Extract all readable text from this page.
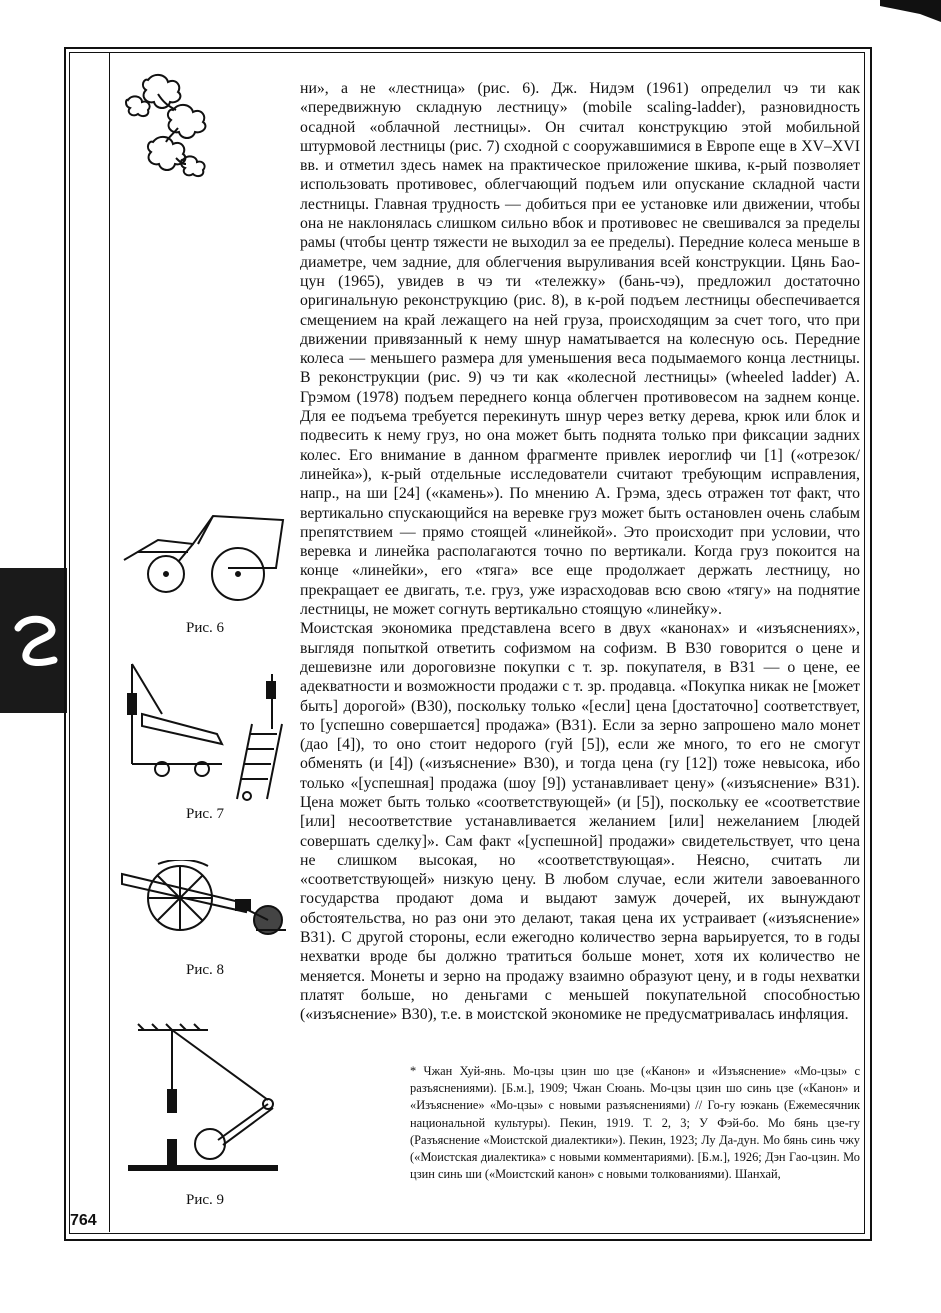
764
Рис. 6
Рис. 7
Рис. 8
Рис. 9

ни», а не «лестница» (рис. 6). Дж. Нидэм (1961) определил чэ ти как «передвижную складную лестницу» (mobile scaling-ladder), разновидность осадной «облачной лестницы». Он считал конструкцию этой мобильной штурмовой лестницы (рис. 7) сходной с сооружавшимися в Европе еще в XV–XVI вв. и отметил здесь намек на практическое приложение шкива, к-рый позволяет использовать противовес, облегчающий подъем или опускание складной части лестницы. Главная трудность — добиться при ее установке или движении, чтобы она не наклонялась слишком сильно вбок и противовес не свешивался за пределы рамы (чтобы центр тяжести не выходил за ее пределы). Передние колеса меньше в диаметре, чем задние, для облегчения выруливания всей конструкции. Цянь Бао-цун (1965), увидев в чэ ти «тележку» (бань-чэ), предложил достаточно оригинальную реконструкцию (рис. 8), в к-рой подъем лестницы обеспечивается смещением на край лежащего на ней груза, происходящим за счет того, что при движении привязанный к нему шнур наматывается на колесную ось. Передние колеса — меньшего размера для уменьшения веса подымаемого конца лестницы. В реконструкции (рис. 9) чэ ти как «колесной лестницы» (wheeled ladder) А. Грэмом (1978) подъем переднего конца облегчен противовесом на заднем конце. Для ее подъема требуется перекинуть шнур через ветку дерева, крюк или блок и подвесить к нему груз, но она может быть поднята только при фиксации задних колес. Его внимание в данном фрагменте привлек иероглиф чи [1] («отрезок/линейка»), к-рый отдельные исследователи считают требующим исправления, напр., на ши [24] («камень»). По мнению А. Грэма, здесь отражен тот факт, что вертикально спускающийся на веревке груз может быть остановлен очень слабым препятствием — прямо стоящей «линейкой». Это происходит при условии, что веревка и линейка располагаются точно по вертикали. Когда груз покоится на конце «линейки», его «тяга» все еще продолжает держать лестницу, но прекращает ее двигать, т.е. груз, уже израсходовав всю свою «тягу» на поднятие лестницы, не может согнуть вертикально стоящую «линейку».

Моистская экономика представлена всего в двух «канонах» и «изъяснениях», выглядя попыткой ответить софизмом на софизм. В В30 говорится о цене и дешевизне или дороговизне покупки с т. зр. покупателя, в В31 — о цене, ее адекватности и возможности продажи с т. зр. продавца. «Покупка никак не [может быть] дорогой» (В30), поскольку только «[если] цена [достаточно] соответствует, то [успешно совершается] продажа» (В31). Если за зерно запрошено мало монет (дао [4]), то оно стоит недорого (гуй [5]), если же много, то его не смогут обменять (и [4]) («изъяснение» В30), и тогда цена (гу [12]) тоже невысока, ибо только «[успешная] продажа (шоу [9]) устанавливает цену» («изъяснение» В31). Цена может быть только «соответствующей» (и [5]), поскольку ее «соответствие [или] несоответствие устанавливается желанием [или] нежеланием [людей совершать сделку]». Сам факт «[успешной] продажи» свидетельствует, что цена не слишком высокая, но «соответствующая». Неясно, считать ли «соответствующей» низкую цену. В любом случае, если жители завоеванного государства продают дома и выдают замуж дочерей, их вынуждают обстоятельства, но раз они это делают, такая цена их устраивает («изъяснение» В31). С другой стороны, если ежегодно количество зерна варьируется, то в годы нехватки вроде бы должно тратиться больше монет, хотя их количество не меняется. Монеты и зерно на продажу взаимно образуют цену, и в годы нехватки платят больше, но деньгами с меньшей покупательной способностью («изъяснение» В30), т.е. в моистской экономике не предусматривалась инфляция.

* Чжан Хуй-янь. Мо-цзы цзин шо цзе («Канон» и «Изъяснение» «Мо-цзы» с разъяснениями). [Б.м.], 1909; Чжан Сюань. Мо-цзы цзин шо синь цзе («Канон» и «Изъяснение» «Мо-цзы» с новыми разъяснениями) // Го-гу юэкань (Ежемесячник национальной культуры). Пекин, 1919. Т. 2, 3; У Фэй-бо. Мо бянь цзе-гу (Разъяснение «Моистской диалектики»). Пекин, 1923; Лу Да-дун. Мо бянь синь чжу («Моистская диалектика» с новыми комментариями). [Б.м.], 1926; Дэн Гао-цзин. Мо цзин синь ши («Моистский канон» с новыми толкованиями). Шанхай,
